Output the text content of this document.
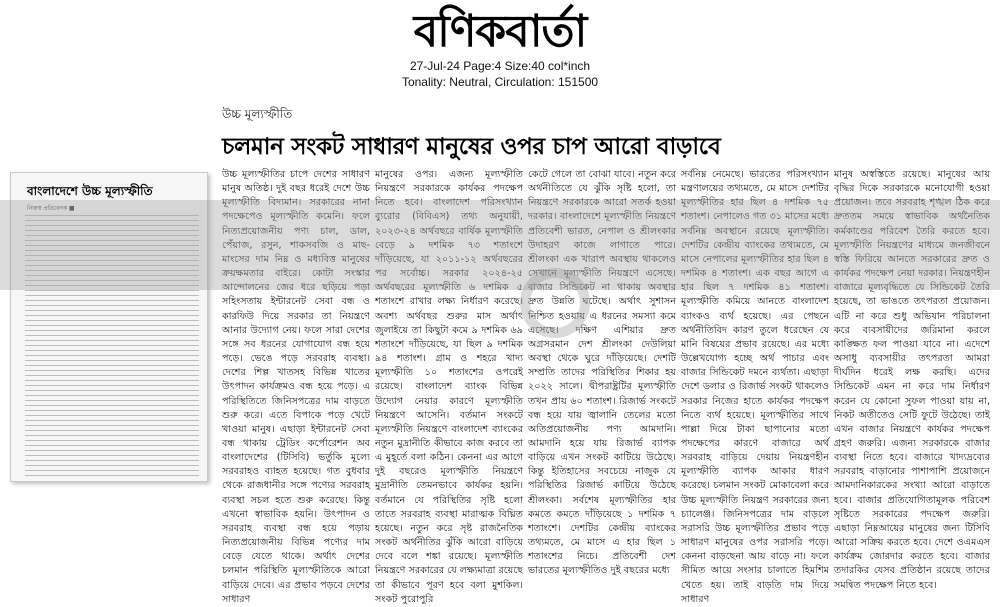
বণিকবার্তা
27-Jul-24 Page:4 Size:40 col*inch
Tonality: Neutral, Circulation: 151500
উচ্চ মূল্যস্ফীতি
চলমান সংকট সাধারণ মানুষের ওপর চাপ আরো বাড়াবে
বাংলাদেশে উচ্চ মূল্যস্ফীতি
নিজস্ব প্রতিবেদক ■
উচ্চ মূল্যস্ফীতির চাপে দেশের সাধারণ মানুষ অতিষ্ঠ। দুই বছর ধরেই দেশে উচ্চ মূল্যস্ফীতি বিদ্যমান। সরকারের নানা পদক্ষেপেও মূল্যস্ফীতি কমেনি। ফলে নিত্যপ্রয়োজনীয় পণ্য চাল, ডাল, পেঁয়াজ, রসুন, শাকসবজি ও মাছ-মাংসের দাম নিম্ন ও মধ্যবিত্ত মানুষের ক্রয়ক্ষমতার বাইরে। কোটা সংস্কার আন্দোলনের জের ধরে ছড়িয়ে পড়া সহিংসতায় ইন্টারনেট সেবা বন্ধ ও কারফিউ দিয়ে সরকার তা নিয়ন্ত্রণে আনার উদ্যোগ নেয়। ফলে সারা দেশের সঙ্গে সব ধরনের যোগাযোগ বন্ধ হয়ে পড়ে। ভেঙে পড়ে সরবরাহ ব্যবস্থা। দেশের শিল্প খাতসহ বিভিন্ন খাতের উৎপাদন কার্যক্রমও বন্ধ হয়ে পড়ে। এ পরিস্থিতিতে জিনিসপত্রের দাম বাড়তে শুরু করে। এতে বিপাকে পড়ে খেটে খাওয়া মানুষ। এছাড়া ইন্টারনেট সেবা বন্ধ থাকায় ট্রেডিং কর্পোরেশন অব বাংলাদেশের (টিসিবি) ভর্তুকি মূল্যে সরবরাহও ব্যাহত হয়েছে। গত বুধবার থেকে রাজধানীর সঙ্গে পণ্যের সরবরাহ ব্যবস্থা সচল হতে শুরু করেছে। কিন্তু এখনো স্বাভাবিক হয়নি। উৎপাদন ও সরবরাহ ব্যবস্থা বন্ধ হয়ে পড়ায় নিত্যপ্রয়োজনীয় বিভিন্ন পণ্যের দাম বেড়ে যেতে থাকে। অর্থাৎ দেশের চলমান পরিস্থিতি মূল্যস্ফীতিকে আরো বাড়িয়ে দেবে। এর প্রভাব পড়বে দেশের সাধারণ
মানুষের ওপর। এজন্য মূল্যস্ফীতি নিয়ন্ত্রণে সরকারকে কার্যকর পদক্ষেপ নিতে হবে। বাংলাদেশ পরিসংখ্যান ব্যুরোর (বিবিএস) তথ্য অনুযায়ী, ২০২৩-২৪ অর্থবছরে বার্ষিক মূল্যস্ফীতি বেড়ে ৯ দশমিক ৭৩ শতাংশে দাঁড়িয়েছে, যা ২০১১-১২ অর্থবছরের পর সর্বোচ্চ। সরকার ২০২৪-২৫ অর্থবছরের মূল্যস্ফীতি ৬ দশমিক ৫ শতাংশে রাখার লক্ষ্য নির্ধারণ করেছে। অবশ্য অর্থবছর শুরুর মাস অর্থাৎ জুলাইয়ে তা কিছুটা কমে ৯ দশমিক ৬৯ শতাংশে দাঁড়িয়েছে, যা ছিল ৯ দশমিক ৯৪ শতাংশ। গ্রাম ও শহরে খাদ্য মূল্যস্ফীতি ১০ শতাংশের ওপরেই রয়েছে। বাংলাদেশ ব্যাংক বিভিন্ন উদ্যোগ নেয়ার কারণে মূল্যস্ফীতি নিয়ন্ত্রণে আসেনি। বর্তমান সংকটে মূল্যস্ফীতি নিয়ন্ত্রণে বাংলাদেশ ব্যাংকের নতুন মুদ্রানীতি কীভাবে কাজ করবে তা এ মুহূর্তে বলা কঠিন। কেননা এর আগে দুই বছরেও মূল্যস্ফীতি নিয়ন্ত্রণে মুদ্রানীতি তেমনভাবে কার্যকর হয়নি। বর্তমানে যে পরিস্থিতির সৃষ্টি হলো তাতে সরবরাহ ব্যবস্থা মারাত্মক বিঘ্নিত হয়েছে। নতুন করে সৃষ্ট রাজনৈতিক সংকট অর্থনীতির ঝুঁকি আরো বাড়িয়ে দেবে বলে শঙ্কা রয়েছে। মূল্যস্ফীতি নিয়ন্ত্রণে সরকারের যে লক্ষ্যমাত্রা রয়েছে তা কীভাবে পূরণ হবে বলা মুশকিল। সংকট পুরোপুরি
কেটে গেলে তা বোঝা যাবে। নতুন করে অর্থনীতিতে যে ঝুঁকি সৃষ্টি হলো, তা নিয়ন্ত্রণে সরকারকে আরো সতর্ক হওয়া দরকার। বাংলাদেশে মূল্যস্ফীতি নিয়ন্ত্রণে প্রতিবেশী ভারত, নেপাল ও শ্রীলংকার উদাহরণ কাজে লাগাতে পারে। শ্রীলংকা এক খারাপ অবস্থায় থাকলেও সেখানে মূল্যস্ফীতি নিয়ন্ত্রণে এসেছে। বাজার সিন্ডিকেট না থাকায় অবস্থার দ্রুত উন্নতি ঘটেছে। অর্থাৎ সুশাসন নিশ্চিত হওয়ায় এ ধরনের সমস্যা কমে এসেছে। দক্ষিণ এশিয়ার দ্রুত অগ্রসরমান দেশ শ্রীলংকা দেউলিয়া অবস্থা থেকে ঘুরে দাঁড়িয়েছে। দেশটি সম্প্রতি তাদের পরিস্থিতির শিকার হয় ২০২২ সালে। দ্বীপরাষ্ট্রটির মূল্যস্ফীতি তখন প্রায় ৬০ শতাংশ। রিজার্ভ সংকটে বন্ধ হয়ে যায় জ্বালানি তেলের মতো অতিপ্রয়োজনীয় পণ্য আমদানি। আমদানি হয়ে যায় রিজার্ভ ব্যাপক বাড়িয়ে এখন সংকট কাটিয়ে উঠেছে। কিন্তু ইতিহাসের সবচেয়ে নাজুক যে পরিস্থিতির রিজার্ভ কাটিয়ে উঠেছে শ্রীলংকা। সর্বশেষ মূল্যস্ফীতির হার কমতে কমতে দাঁড়িয়েছে ১ দশমিক ৭ শতাংশে। দেশটির কেন্দ্রীয় ব্যাংকের তথ্যমতে, মে মাসে এ হার ছিল ১ শতাংশের নিচে। প্রতিবেশী দেশ ভারতের মূল্যস্ফীতিও দুই বছরের মধ্যে
সর্বনিম্ন নেমেছে। ভারতের পরিসংখ্যান মন্ত্রণালয়ের তথ্যমতে, মে মাসে দেশটির মূল্যস্ফীতির হার ছিল ৪ দশমিক ৭৫ শতাংশ। নেপালেও গত ৩১ মাসের মধ্যে সর্বনিম্ন অবস্থানে রয়েছে মূল্যস্ফীতি। দেশটির কেন্দ্রীয় ব্যাংকের তথ্যমতে, মে মাসে নেপালের মূল্যস্ফীতির হার ছিল ৪ দশমিক ৪ শতাংশ। এক বছর আগে এ হার ছিল ৭ দশমিক ৪১ শতাংশ। মূল্যস্ফীতি কমিয়ে আনতে বাংলাদেশ ব্যাংকও ব্যর্থ হয়েছে। এর পেছনে অর্থনীতিবিদ কারণ তুলে ধরেছেন যে মানি বিষয়ের প্রভাব রয়েছে। এর মধ্যে উল্লেখযোগ্য হচ্ছে অর্থ পাচার এবং বাজার সিন্ডিকেট দমনে ব্যর্থতা। এছাড়া দেশে ডলার ও রিজার্ভ সংকট থাকলেও সরকার নিজের হাতে কার্যকর পদক্ষেপ নিতে ব্যর্থ হয়েছে। মূল্যস্ফীতির সাথে পাল্লা দিয়ে টাকা ছাপানোর মতো পদক্ষেপের কারণে বাজারে অর্থ সরবরাহ বাড়িয়ে দেয়ায় নিয়ন্ত্রণহীন মূল্যস্ফীতি ব্যাপক আকার ধারণ করেছে। চলমান সংকট মোকাবেলা করে উচ্চ মূল্যস্ফীতি নিয়ন্ত্রণ সরকারের জন্য চ্যালেঞ্জ। জিনিসপত্রের দাম বাড়লে সরাসরি উচ্চ মূল্যস্ফীতির প্রভাব পড়ে সাধারণ মানুষের ওপর সরাসরি পড়ে। কেননা বাড়ছেনা আয় বাড়ে না। ফলে সীমিত আয়ে সংসার চালাতে হিমশিম খেতে হয়। তাই বাড়তি দাম দিয়ে সাধারণ
মানুষ অস্বস্তিতে রয়েছে। মানুষের আয় বৃদ্ধির দিকে সরকারকে মনোযোগী হওয়া প্রয়োজন। তবে সরবরাহ শৃঙ্খল ঠিক করে দ্রুততম সময়ে স্বাভাবিক অর্থনৈতিক কর্মকাণ্ডের পরিবেশ তৈরি করতে হবে। মূল্যস্ফীতি নিয়ন্ত্রণের মাধ্যমে জনজীবনে স্বস্তি ফিরিয়ে আনতে সরকারের দ্রুত ও কার্যকর পদক্ষেপ নেয়া দরকার। নিয়ন্ত্রণহীন বাজারে মূল্যবৃদ্ধিতে যে সিন্ডিকেট তৈরি হয়েছে, তা ভাঙতে তৎপরতা প্রয়োজন। এটি না করে শুধু অভিযান পরিচালনা করে ব্যবসায়ীদের জরিমানা করলে কাঙ্ক্ষিত ফল পাওয়া যাবে না। এদেশে অসাধু ব্যবসায়ীর তৎপরতা আমরা দীর্ঘদিন ধরেই লক্ষ করছি। এদের সিন্ডিকেট এমন না করে দাম নির্ধারণ করেন যে কোনো সুফল পাওয়া যায় না, নিকট অতীতেও সেটি ফুটে উঠেছে। তাই এখন বাজার নিয়ন্ত্রণে কার্যকর পদক্ষেপ গ্রহণ জরুরি। এজন্য সরকারকে বাজার ব্যবস্থা নিতে হবে। বাজারে খাদ্যদ্রব্যের সরবরাহ বাড়ানোর পাশাপাশি প্রয়োজনে আমদানিকারকের সংখ্যা আরো বাড়াতে হবে। বাজার প্রতিযোগিতামূলক পরিবেশ সৃষ্টিতে সরকারের পদক্ষেপ জরুরি। এছাড়া নিম্নআয়ের মানুষের জন্য টিসিবি আরো সক্রিয় করতে হবে। দেশে ওএমএস কার্যক্রম জোরদার করতে হবে। বাজার তদারকির যেসব প্রতিষ্ঠান রয়েছে তাদের সমন্বিত পদক্ষেপ নিতে হবে।
